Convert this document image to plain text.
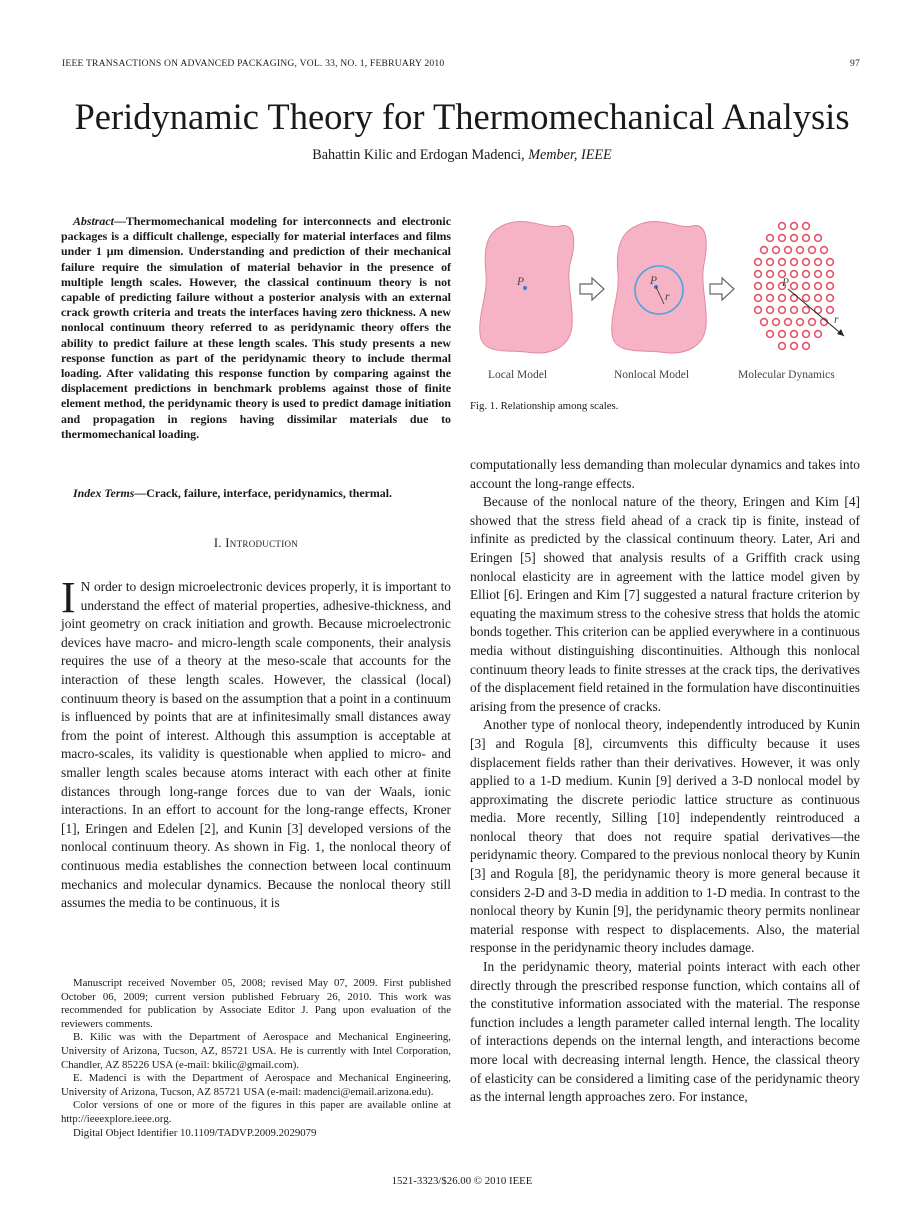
IEEE TRANSACTIONS ON ADVANCED PACKAGING, VOL. 33, NO. 1, FEBRUARY 2010	97
Peridynamic Theory for Thermomechanical Analysis
Bahattin Kilic and Erdogan Madenci, Member, IEEE

Abstract—Thermomechanical modeling for interconnects and electronic packages is a difficult challenge, especially for material interfaces and films under 1 μm dimension. Understanding and prediction of their mechanical failure require the simulation of material behavior in the presence of multiple length scales. However, the classical continuum theory is not capable of predicting failure without a posterior analysis with an external crack growth criteria and treats the interfaces having zero thickness. A new nonlocal continuum theory referred to as peridynamic theory offers the ability to predict failure at these length scales. This study presents a new response function as part of the peridynamic theory to include thermal loading. After validating this response function by comparing against the displacement predictions in benchmark problems against those of finite element method, the peridynamic theory is used to predict damage initiation and propagation in regions having dissimilar materials due to thermomechanical loading.

Index Terms—Crack, failure, interface, peridynamics, thermal.

I. Introduction

I N order to design microelectronic devices properly, it is important to understand the effect of material properties, adhesive-thickness, and joint geometry on crack initiation and growth. Because microelectronic devices have macro- and micro-length scale components, their analysis requires the use of a theory at the meso-scale that accounts for the interaction of these length scales. However, the classical (local) continuum theory is based on the assumption that a point in a continuum is influenced by points that are at infinitesimally small distances away from the point of interest. Although this assumption is acceptable at macro-scales, its validity is questionable when applied to micro- and smaller length scales because atoms interact with each other at finite distances through long-range forces due to van der Waals, ionic interactions. In an effort to account for the long-range effects, Kroner [1], Eringen and Edelen [2], and Kunin [3] developed versions of the nonlocal continuum theory. As shown in Fig. 1, the nonlocal theory of continuous media establishes the connection between local continuum mechanics and molecular dynamics. Because the nonlocal theory still assumes the media to be continuous, it is

Manuscript received November 05, 2008; revised May 07, 2009. First published October 06, 2009; current version published February 26, 2010. This work was recommended for publication by Associate Editor J. Pang upon evaluation of the reviewers comments.

B. Kilic was with the Department of Aerospace and Mechanical Engineering, University of Arizona, Tucson, AZ, 85721 USA. He is currently with Intel Corporation, Chandler, AZ 85226 USA (e-mail: bkilic@gmail.com).

E. Madenci is with the Department of Aerospace and Mechanical Engineering, University of Arizona, Tucson, AZ 85721 USA (e-mail: madenci@email.arizona.edu).

Color versions of one or more of the figures in this paper are available online at http://ieeexplore.ieee.org.

Digital Object Identifier 10.1109/TADVP.2009.2029079

P	P
r
P
r
Local Model	Nonlocal Model	Molecular Dynamics
Fig. 1. Relationship among scales.

computationally less demanding than molecular dynamics and takes into account the long-range effects.

Because of the nonlocal nature of the theory, Eringen and Kim [4] showed that the stress field ahead of a crack tip is finite, instead of infinite as predicted by the classical continuum theory. Later, Ari and Eringen [5] showed that analysis results of a Griffith crack using nonlocal elasticity are in agreement with the lattice model given by Elliot [6]. Eringen and Kim [7] suggested a natural fracture criterion by equating the maximum stress to the cohesive stress that holds the atomic bonds together. This criterion can be applied everywhere in a continuous media without distinguishing discontinuities. Although this nonlocal continuum theory leads to finite stresses at the crack tips, the derivatives of the displacement field retained in the formulation have discontinuities arising from the presence of cracks.

Another type of nonlocal theory, independently introduced by Kunin [3] and Rogula [8], circumvents this difficulty because it uses displacement fields rather than their derivatives. However, it was only applied to a 1-D medium. Kunin [9] derived a 3-D nonlocal model by approximating the discrete periodic lattice structure as continuous media. More recently, Silling [10] independently reintroduced a nonlocal theory that does not require spatial derivatives—the peridynamic theory. Compared to the previous nonlocal theory by Kunin [3] and Rogula [8], the peridynamic theory is more general because it considers 2-D and 3-D media in addition to 1-D media. In contrast to the nonlocal theory by Kunin [9], the peridynamic theory permits nonlinear material response with respect to displacements. Also, the material response in the peridynamic theory includes damage.

In the peridynamic theory, material points interact with each other directly through the prescribed response function, which contains all of the constitutive information associated with the material. The response function includes a length parameter called internal length. The locality of interactions depends on the internal length, and interactions become more local with decreasing internal length. Hence, the classical theory of elasticity can be considered a limiting case of the peridynamic theory as the internal length approaches zero. For instance,

1521-3323/$26.00 © 2010 IEEE
